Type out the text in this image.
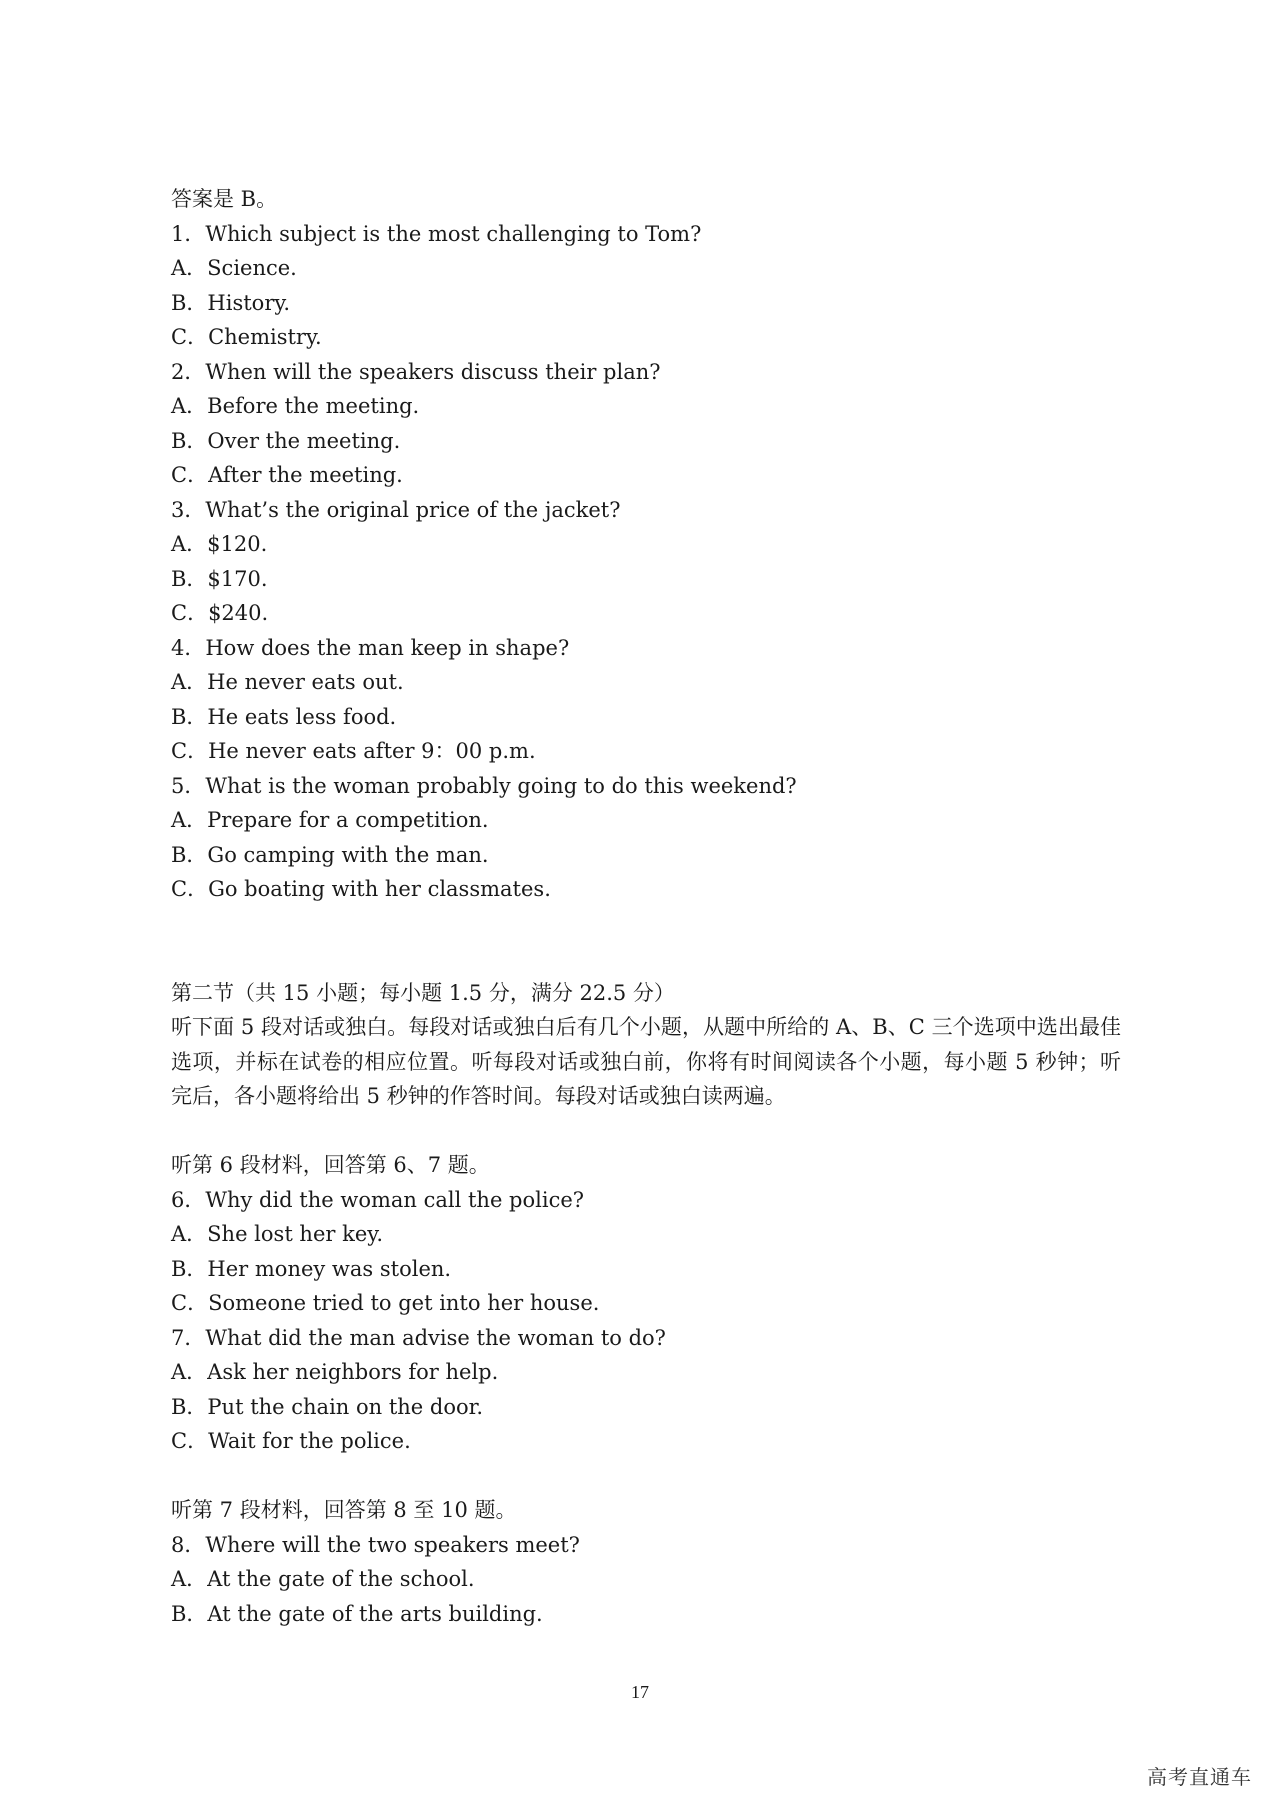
答案是 B。
1．Which subject is the most challenging to Tom?
A．Science.
B．History.
C．Chemistry.
2．When will the speakers discuss their plan?
A．Before the meeting.
B．Over the meeting.
C．After the meeting.
3．What’s the original price of the jacket?
A．$120.
B．$170.
C．$240.
4．How does the man keep in shape?
A．He never eats out.
B．He eats less food.
C．He never eats after 9：00 p.m.
5．What is the woman probably going to do this weekend?
A．Prepare for a competition.
B．Go camping with the man.
C．Go boating with her classmates.
第二节（共 15 小题；每小题 1.5 分，满分 22.5 分）
听下面 5 段对话或独白。每段对话或独白后有几个小题，从题中所给的 A、B、C 三个选项中选出最佳选项，并标在试卷的相应位置。听每段对话或独白前，你将有时间阅读各个小题，每小题 5 秒钟；听完后，各小题将给出 5 秒钟的作答时间。每段对话或独白读两遍。
听第 6 段材料，回答第 6、7 题。
6．Why did the woman call the police?
A．She lost her key.
B．Her money was stolen.
C．Someone tried to get into her house.
7．What did the man advise the woman to do?
A．Ask her neighbors for help.
B．Put the chain on the door.
C．Wait for the police.
听第 7 段材料，回答第 8 至 10 题。
8．Where will the two speakers meet?
A．At the gate of the school.
B．At the gate of the arts building.
17
高考直通车
